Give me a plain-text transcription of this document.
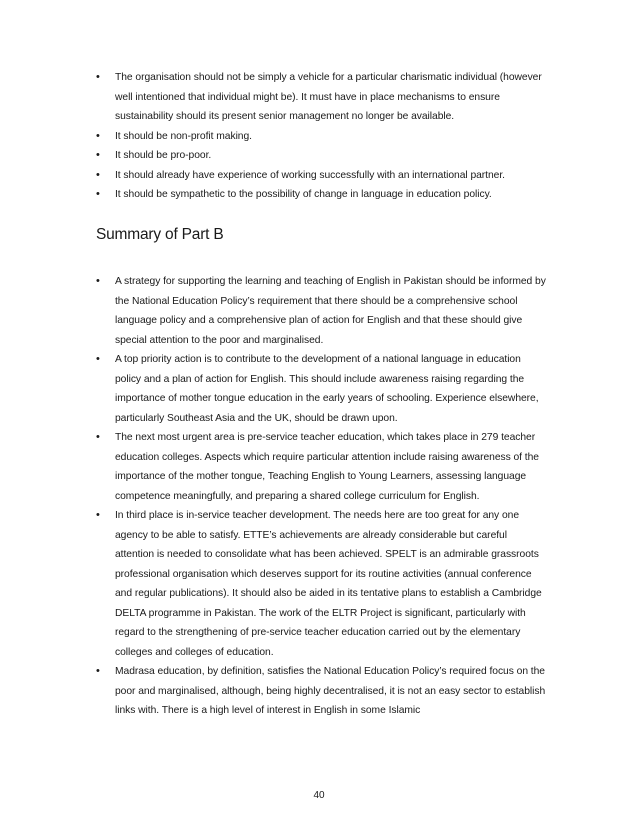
• The organisation should not be simply a vehicle for a particular charismatic individual (however well intentioned that individual might be). It must have in place mechanisms to ensure sustainability should its present senior management no longer be available.
• It should be non-profit making.
• It should be pro-poor.
• It should already have experience of working successfully with an international partner.
• It should be sympathetic to the possibility of change in language in education policy.
Summary of Part B
• A strategy for supporting the learning and teaching of English in Pakistan should be informed by the National Education Policy’s requirement that there should be a comprehensive school language policy and a comprehensive plan of action for English and that these should give special attention to the poor and marginalised.
• A top priority action is to contribute to the development of a national language in education policy and a plan of action for English. This should include awareness raising regarding the importance of mother tongue education in the early years of schooling. Experience elsewhere, particularly Southeast Asia and the UK, should be drawn upon.
• The next most urgent area is pre-service teacher education, which takes place in 279 teacher education colleges. Aspects which require particular attention include raising awareness of the importance of the mother tongue, Teaching English to Young Learners, assessing language competence meaningfully, and preparing a shared college curriculum for English.
• In third place is in-service teacher development. The needs here are too great for any one agency to be able to satisfy. ETTE’s achievements are already considerable but careful attention is needed to consolidate what has been achieved. SPELT is an admirable grassroots professional organisation which deserves support for its routine activities (annual conference and regular publications). It should also be aided in its tentative plans to establish a Cambridge DELTA programme in Pakistan. The work of the ELTR Project is significant, particularly with regard to the strengthening of pre-service teacher education carried out by the elementary colleges and colleges of education.
• Madrasa education, by definition, satisfies the National Education Policy’s required focus on the poor and marginalised, although, being highly decentralised, it is not an easy sector to establish links with. There is a high level of interest in English in some Islamic
40
